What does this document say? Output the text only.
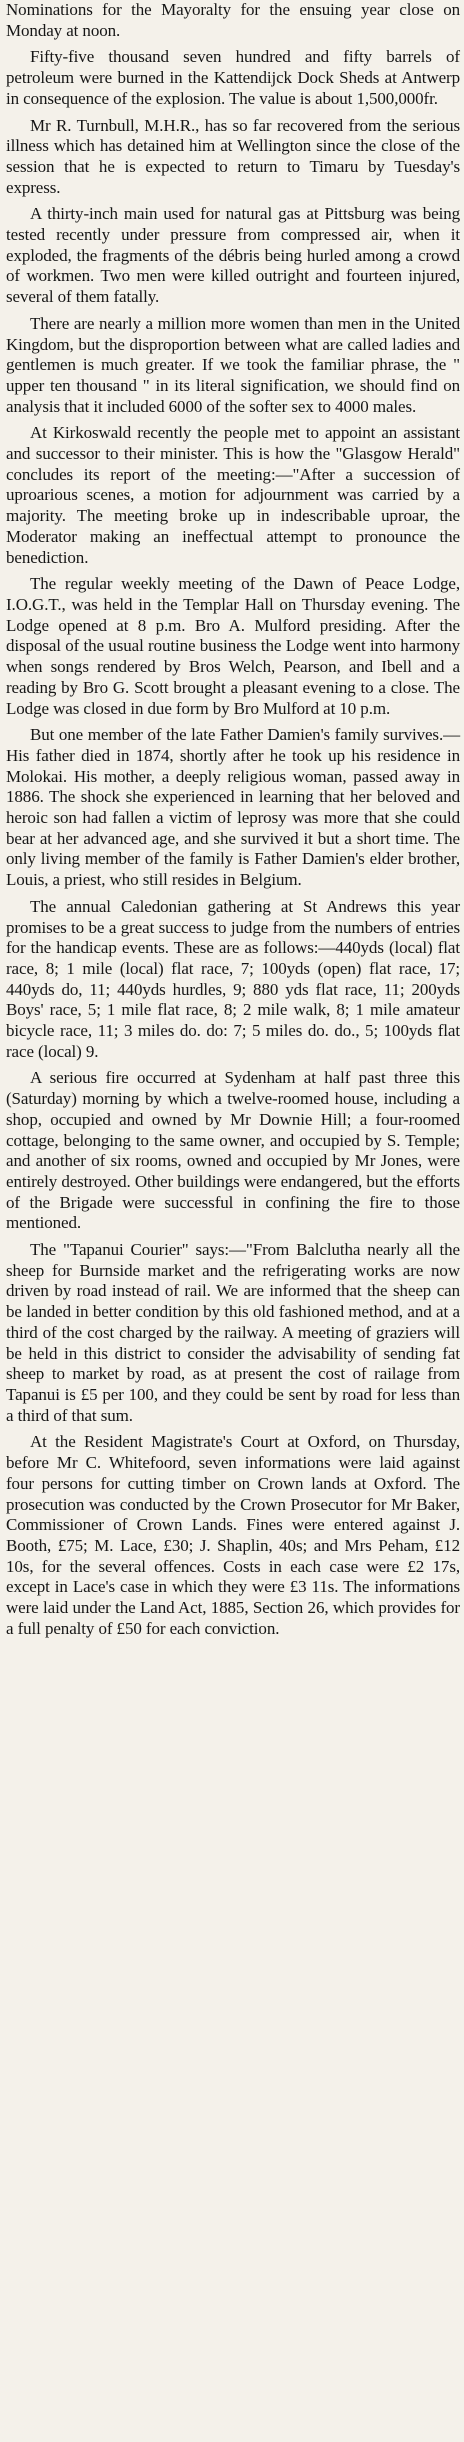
Nominations for the Mayoralty for the ensuing year close on Monday at noon.

Fifty-five thousand seven hundred and fifty barrels of petroleum were burned in the Kattendijck Dock Sheds at Antwerp in consequence of the explosion. The value is about 1,500,000fr.

Mr R. Turnbull, M.H.R., has so far recovered from the serious illness which has detained him at Wellington since the close of the session that he is expected to return to Timaru by Tuesday's express.

A thirty-inch main used for natural gas at Pittsburg was being tested recently under pressure from compressed air, when it exploded, the fragments of the débris being hurled among a crowd of workmen. Two men were killed outright and fourteen injured, several of them fatally.

There are nearly a million more women than men in the United Kingdom, but the disproportion between what are called ladies and gentlemen is much greater. If we took the familiar phrase, the " upper ten thousand " in its literal signification, we should find on analysis that it included 6000 of the softer sex to 4000 males.

At Kirkoswald recently the people met to appoint an assistant and successor to their minister. This is how the "Glasgow Herald" concludes its report of the meeting:—"After a succession of uproarious scenes, a motion for adjournment was carried by a majority. The meeting broke up in indescribable uproar, the Moderator making an ineffectual attempt to pronounce the benediction.

The regular weekly meeting of the Dawn of Peace Lodge, I.O.G.T., was held in the Templar Hall on Thursday evening. The Lodge opened at 8 p.m. Bro A. Mulford presiding. After the disposal of the usual routine business the Lodge went into harmony when songs rendered by Bros Welch, Pearson, and Ibell and a reading by Bro G. Scott brought a pleasant evening to a close. The Lodge was closed in due form by Bro Mulford at 10 p.m.

But one member of the late Father Damien's family survives.—His father died in 1874, shortly after he took up his residence in Molokai. His mother, a deeply religious woman, passed away in 1886. The shock she experienced in learning that her beloved and heroic son had fallen a victim of leprosy was more that she could bear at her advanced age, and she survived it but a short time. The only living member of the family is Father Damien's elder brother, Louis, a priest, who still resides in Belgium.

The annual Caledonian gathering at St Andrews this year promises to be a great success to judge from the numbers of entries for the handicap events. These are as follows:—440yds (local) flat race, 8; 1 mile (local) flat race, 7; 100yds (open) flat race, 17; 440yds do, 11; 440yds hurdles, 9; 880 yds flat race, 11; 200yds Boys' race, 5; 1 mile flat race, 8; 2 mile walk, 8; 1 mile amateur bicycle race, 11; 3 miles do. do: 7; 5 miles do. do., 5; 100yds flat race (local) 9.

A serious fire occurred at Sydenham at half past three this (Saturday) morning by which a twelve-roomed house, including a shop, occupied and owned by Mr Downie Hill; a four-roomed cottage, belonging to the same owner, and occupied by S. Temple; and another of six rooms, owned and occupied by Mr Jones, were entirely destroyed. Other buildings were endangered, but the efforts of the Brigade were successful in confining the fire to those mentioned.

The "Tapanui Courier" says:—"From Balclutha nearly all the sheep for Burnside market and the refrigerating works are now driven by road instead of rail. We are informed that the sheep can be landed in better condition by this old fashioned method, and at a third of the cost charged by the railway. A meeting of graziers will be held in this district to consider the advisability of sending fat sheep to market by road, as at present the cost of railage from Tapanui is £5 per 100, and they could be sent by road for less than a third of that sum.

At the Resident Magistrate's Court at Oxford, on Thursday, before Mr C. Whitefoord, seven informations were laid against four persons for cutting timber on Crown lands at Oxford. The prosecution was conducted by the Crown Prosecutor for Mr Baker, Commissioner of Crown Lands. Fines were entered against J. Booth, £75; M. Lace, £30; J. Shaplin, 40s; and Mrs Peham, £12 10s, for the several offences. Costs in each case were £2 17s, except in Lace's case in which they were £3 11s. The informations were laid under the Land Act, 1885, Section 26, which provides for a full penalty of £50 for each conviction.
